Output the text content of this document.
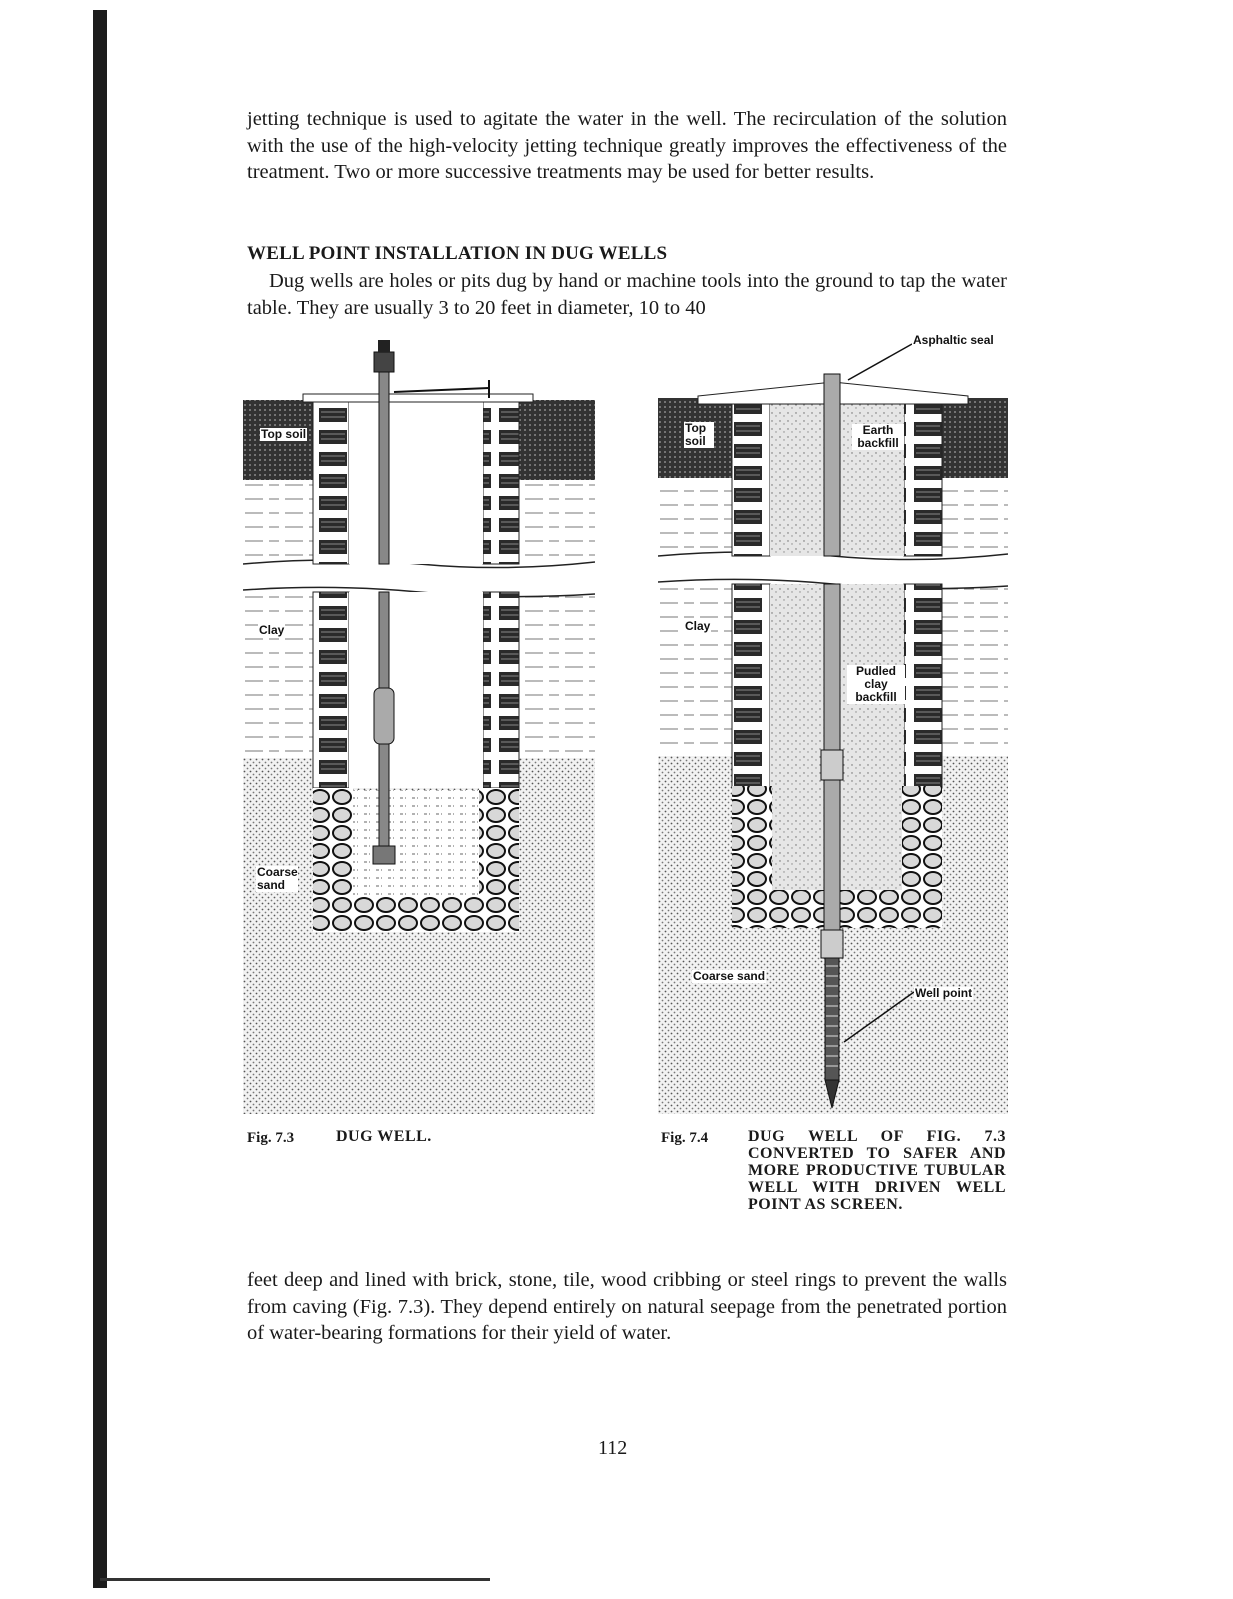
jetting technique is used to agitate the water in the well. The recirculation of the solution with the use of the high-velocity jetting technique greatly improves the effectiveness of the treatment. Two or more successive treatments may be used for better results.

WELL POINT INSTALLATION IN DUG WELLS

Dug wells are holes or pits dug by hand or machine tools into the ground to tap the water table. They are usually 3 to 20 feet in diameter, 10 to 40

Top soil
Clay
Coarse sand
Asphaltic seal
Top soil
Earth backfill
Clay
Pudled clay backfill
Coarse sand
Well point
Fig. 7.3	DUG WELL.	Fig. 7.4 DUG WELL OF FIG. 7.3 CONVERTED TO SAFER AND MORE PRODUCTIVE TUBULAR WELL WITH DRIVEN WELL POINT AS SCREEN.

feet deep and lined with brick, stone, tile, wood cribbing or steel rings to prevent the walls from caving (Fig. 7.3). They depend entirely on natural seepage from the penetrated portion of water-bearing formations for their yield of water.

112
